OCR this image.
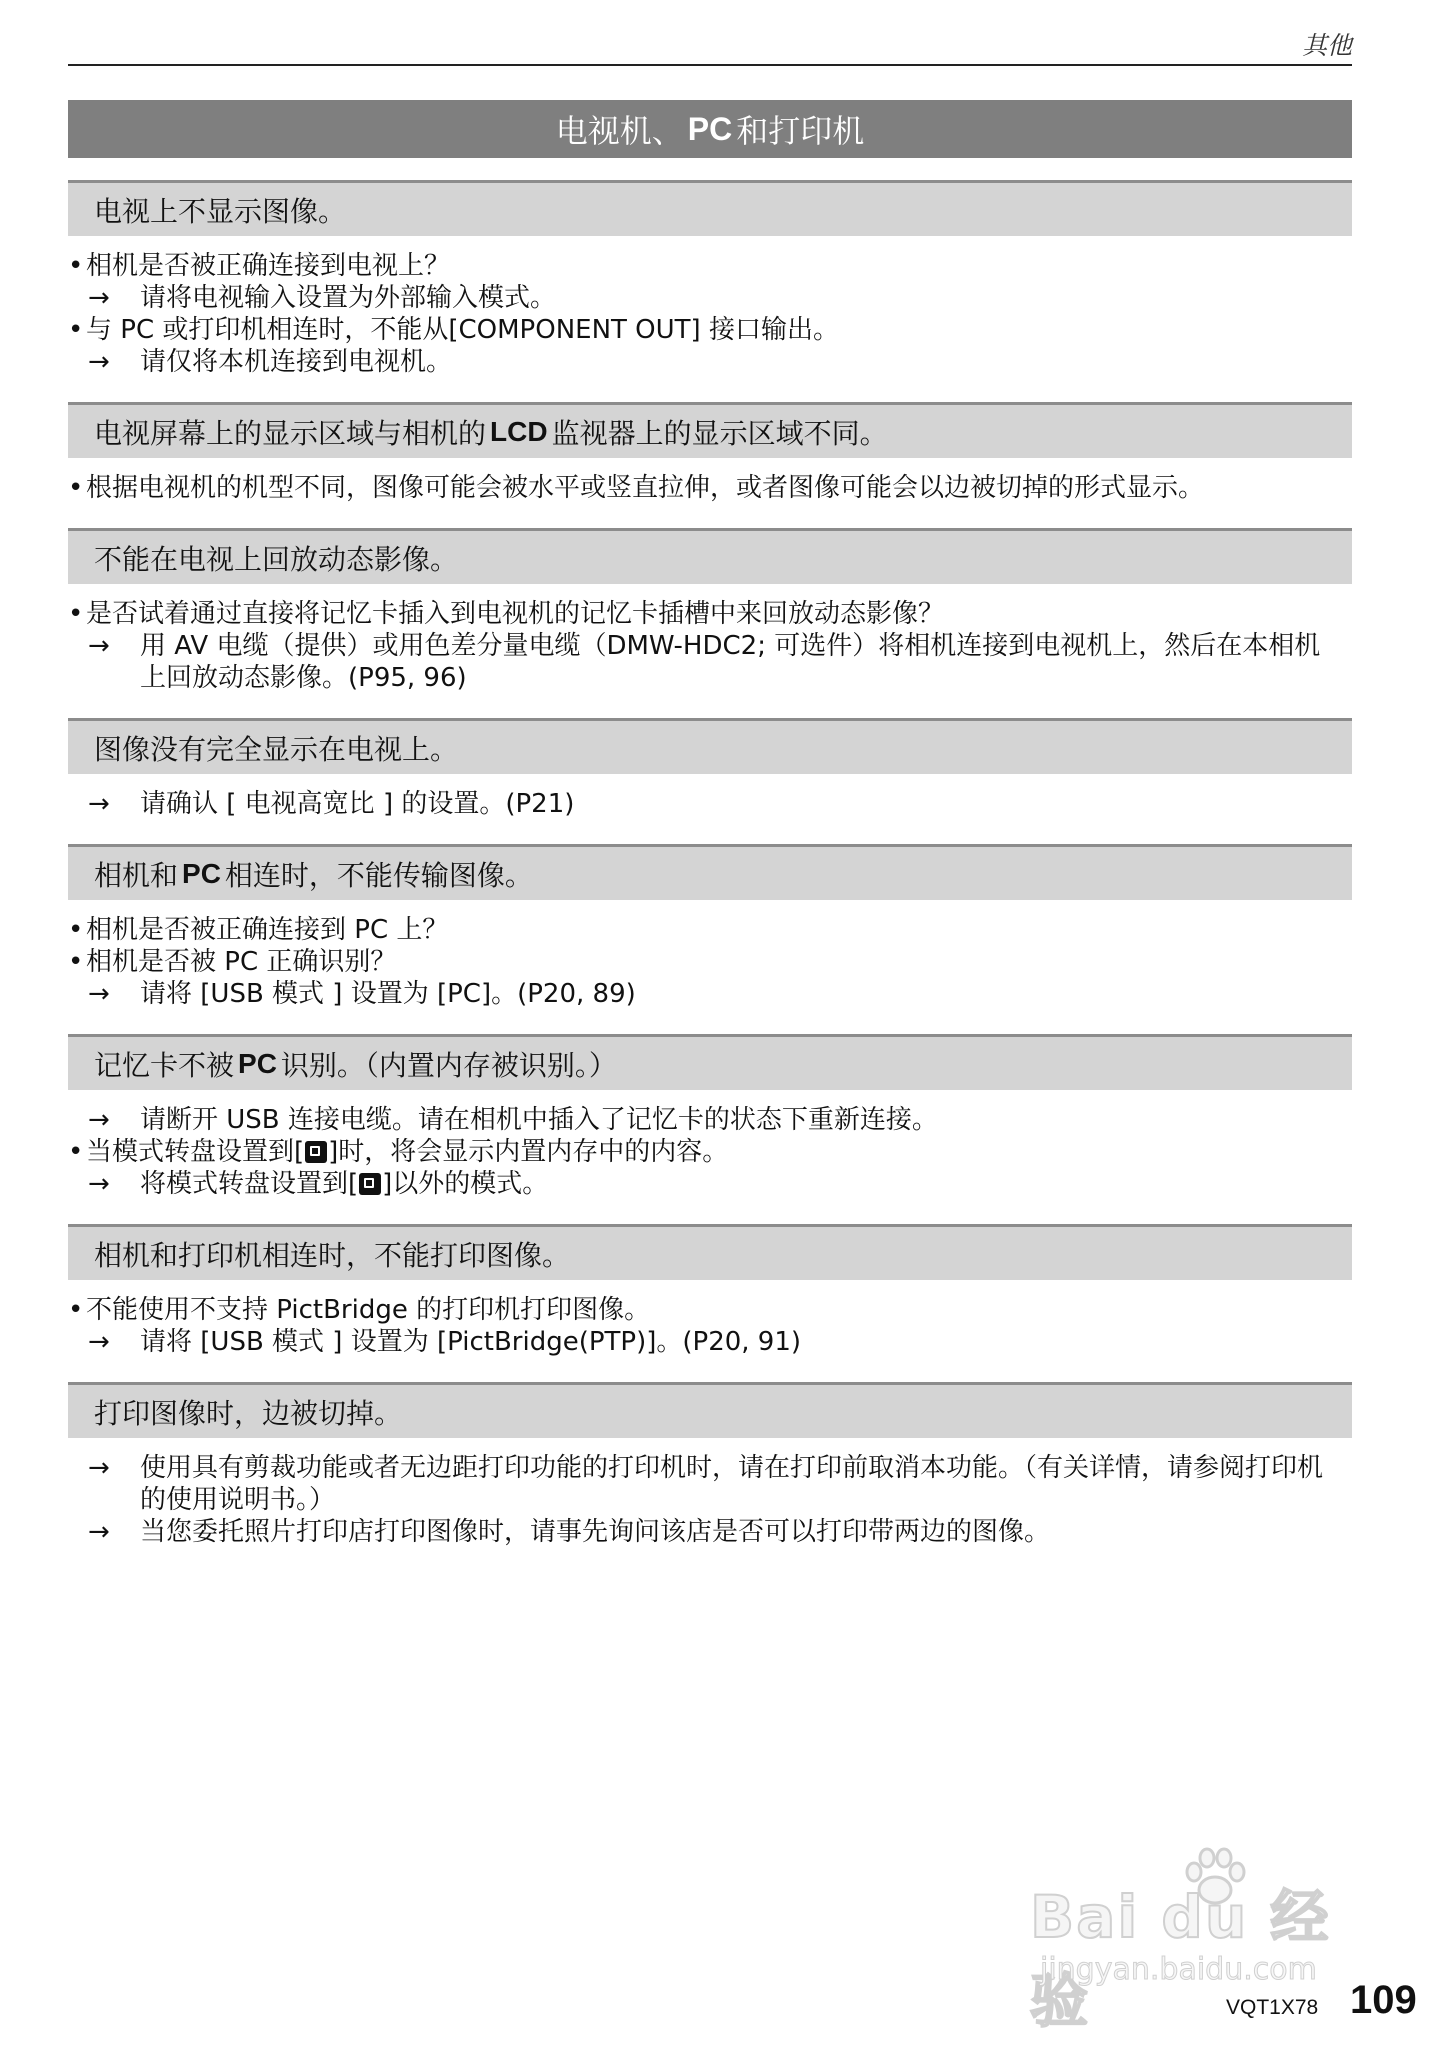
其他
电视机、 PC 和打印机
电视上不显示图像。
• 相机是否被正确连接到电视上？
→ 请将电视输入设置为外部输入模式。
• 与 PC 或打印机相连时，不能从[COMPONENT OUT] 接口输出。
→ 请仅将本机连接到电视机。
电视屏幕上的显示区域与相机的 LCD 监视器上的显示区域不同。
• 根据电视机的机型不同，图像可能会被水平或竖直拉伸，或者图像可能会以边被切掉的形式显示。
不能在电视上回放动态影像。
• 是否试着通过直接将记忆卡插入到电视机的记忆卡插槽中来回放动态影像？
→ 用 AV 电缆（提供）或用色差分量电缆（DMW-HDC2; 可选件）将相机连接到电视机上，然后在本相机上回放动态影像。(P95, 96)
图像没有完全显示在电视上。
→ 请确认 [ 电视高宽比 ] 的设置。(P21)
相机和 PC 相连时，不能传输图像。
• 相机是否被正确连接到 PC 上？
• 相机是否被 PC 正确识别？
→ 请将 [USB 模式 ] 设置为 [PC]。(P20, 89)
记忆卡不被 PC 识别。（内置内存被识别。）
→ 请断开 USB 连接电缆。请在相机中插入了记忆卡的状态下重新连接。
• 当模式转盘设置到[ ]时，将会显示内置内存中的内容。
→ 将模式转盘设置到[ ]以外的模式。
相机和打印机相连时，不能打印图像。
• 不能使用不支持 PictBridge 的打印机打印图像。
→ 请将 [USB 模式 ] 设置为 [PictBridge(PTP)]。(P20, 91)
打印图像时，边被切掉。
→ 使用具有剪裁功能或者无边距打印功能的打印机时，请在打印前取消本功能。（有关详情，请参阅打印机的使用说明书。）
→ 当您委托照片打印店打印图像时，请事先询问该店是否可以打印带两边的图像。
Bai du 经验
jingyan.baidu.com
VQT1X78 109
